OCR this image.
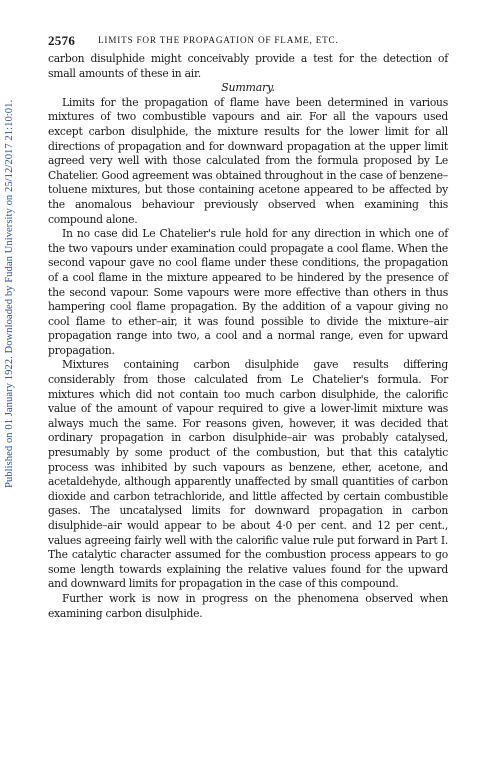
2576 LIMITS FOR THE PROPAGATION OF FLAME, ETC.
Published on 01 January 1922. Downloaded by Fudan University on 25/12/2017 21:10:01.

carbon disulphide might conceivably provide a test for the detection of small amounts of these in air.

Summary.

Limits for the propagation of flame have been determined in various mixtures of two combustible vapours and air. For all the vapours used except carbon disulphide, the mixture results for the lower limit for all directions of propagation and for downward propagation at the upper limit agreed very well with those calculated from the formula proposed by Le Chatelier. Good agreement was obtained throughout in the case of benzene–toluene mixtures, but those containing acetone appeared to be affected by the anomalous behaviour previously observed when examining this compound alone.

In no case did Le Chatelier's rule hold for any direction in which one of the two vapours under examination could propagate a cool flame. When the second vapour gave no cool flame under these conditions, the propagation of a cool flame in the mixture appeared to be hindered by the presence of the second vapour. Some vapours were more effective than others in thus hampering cool flame propagation. By the addition of a vapour giving no cool flame to ether–air, it was found possible to divide the mixture–air propagation range into two, a cool and a normal range, even for upward propagation.

Mixtures containing carbon disulphide gave results differing considerably from those calculated from Le Chatelier's formula. For mixtures which did not contain too much carbon disulphide, the calorific value of the amount of vapour required to give a lower-limit mixture was always much the same. For reasons given, however, it was decided that ordinary propagation in carbon disulphide–air was probably catalysed, presumably by some product of the combustion, but that this catalytic process was inhibited by such vapours as benzene, ether, acetone, and acetaldehyde, although apparently unaffected by small quantities of carbon dioxide and carbon tetrachloride, and little affected by certain combustible gases. The uncatalysed limits for downward propagation in carbon disulphide–air would appear to be about 4·0 per cent. and 12 per cent., values agreeing fairly well with the calorific value rule put forward in Part I. The catalytic character assumed for the combustion process appears to go some length towards explaining the relative values found for the upward and downward limits for propagation in the case of this compound.

Further work is now in progress on the phenomena observed when examining carbon disulphide.
